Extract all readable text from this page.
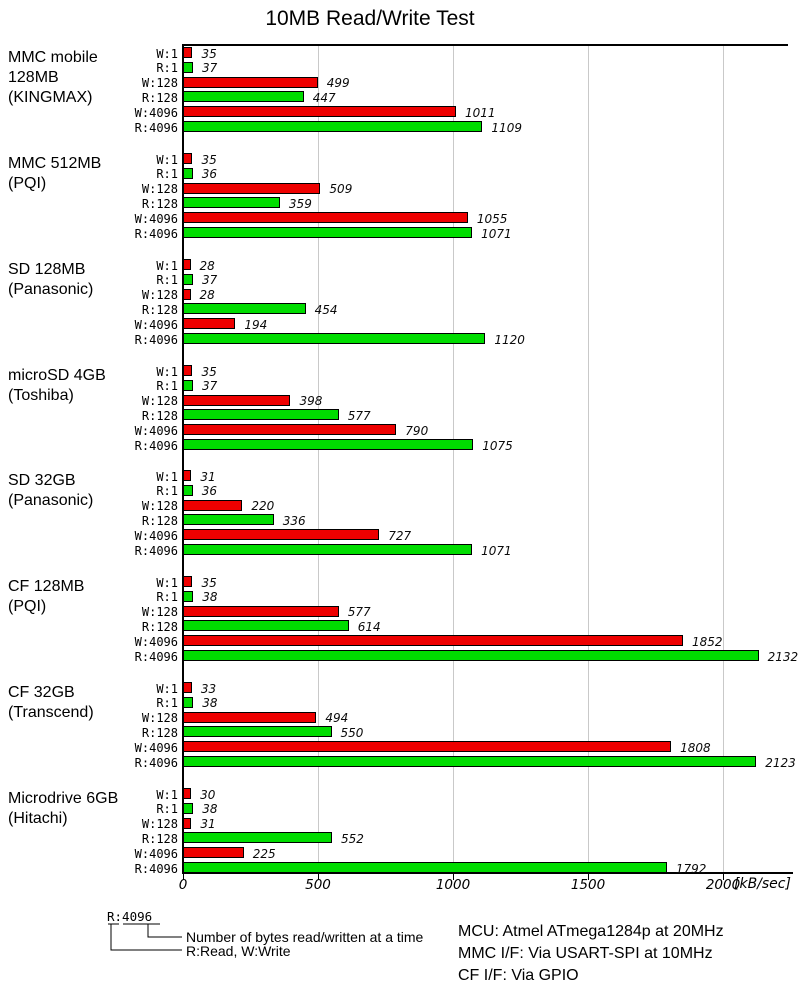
10MB Read/Write Test
0	500	1000	1500	2000
MMC mobile
128MB
(KINGMAX)
W:1 35
R:1 37
W:128	499
R:128	447
W:4096	1011
R:4096	1109
MMC 512MB
(PQI)
W:1 35
R:1 36
W:128	509
R:128	359
W:4096	1055
R:4096	1071
SD 128MB
(Panasonic)
W:1 28
R:1 37
W:128 28
R:128	454
W:4096	194
R:4096	1120
microSD 4GB
(Toshiba)
W:1 35
R:1 37
W:128	398
R:128	577
W:4096	790
R:4096	1075
SD 32GB
(Panasonic)
W:1 31
R:1 36
W:128	220
R:128	336
W:4096	727
R:4096	1071
CF 128MB
(PQI)
W:1 35
R:1 38
W:128	577
R:128	614
W:4096	1852
R:4096	2132
CF 32GB
(Transcend)
W:1 33
R:1 38
W:128	494
R:128	550
W:4096	1808
R:4096	2123
Microdrive 6GB
(Hitachi)
W:1 30
R:1 38
W:128 31
R:128	552
W:4096	225
R:4096	1792
[kB/sec]
R:4096
Number of bytes read/written at a time
R:Read, W:Write
MCU: Atmel ATmega1284p at 20MHz
MMC I/F: Via USART-SPI at 10MHz
CF I/F: Via GPIO
